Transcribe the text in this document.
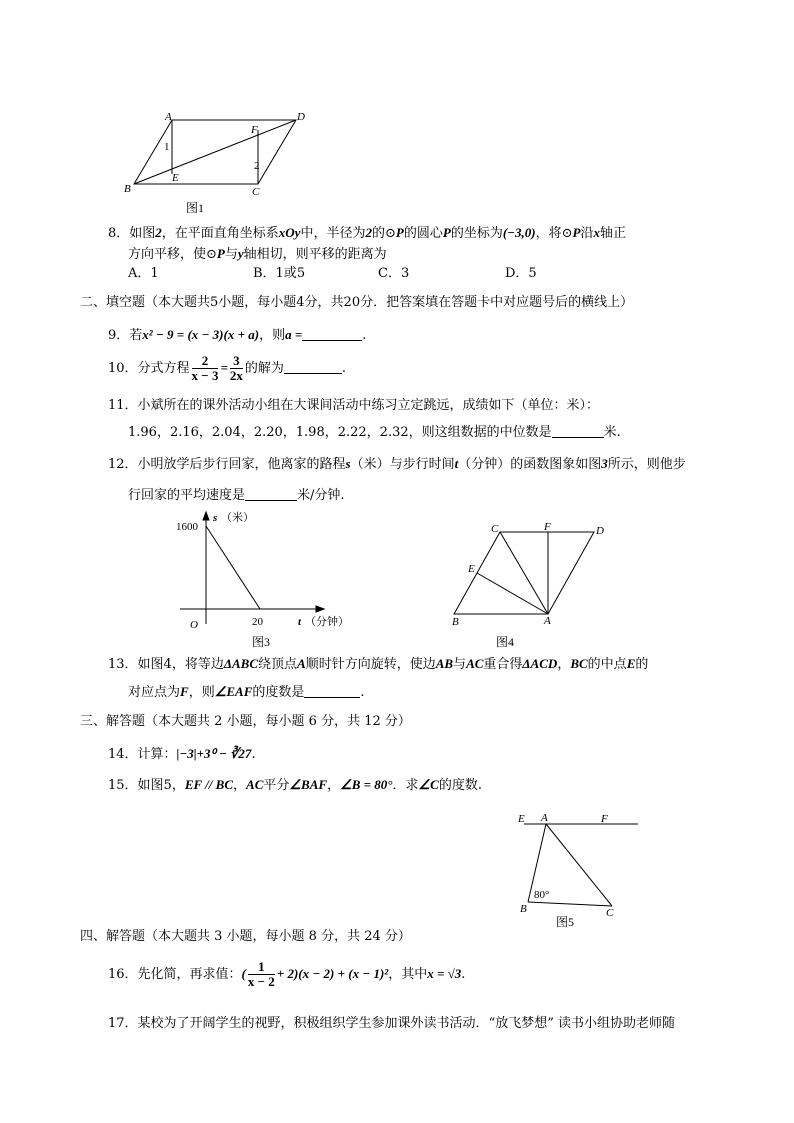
A	D
F
1
2
E
B	C
图1
8．如图2，在平面直角坐标系xOy中，半径为2的⊙P的圆心P的坐标为(−3,0)，将⊙P沿x轴正
方向平移，使⊙P与y轴相切，则平移的距离为
A．1	B．1或5	C．3	D．5
二、填空题（本大题共5小题，每小题4分，共20分．把答案填在答题卡中对应题号后的横线上）
9．若x² − 9 = (x − 3)(x + a)，则a =	.
10．分式方程 $\frac{2}{x - 3} = \frac{3}{2x}$ 的解为	.
11．小斌所在的课外活动小组在大课间活动中练习立定跳远，成绩如下（单位：米）：
1.96，2.16，2.04，2.20，1.98，2.22，2.32，则这组数据的中位数是	米.
12．小明放学后步行回家，他离家的路程s（米）与步行时间t（分钟）的函数图象如图3所示，则他步
行回家的平均速度是	米/分钟.
s （米）
1600
20
O	t （分钟）
图3
C	F	D
E
B	A
图4
13．如图4，将等边ΔABC绕顶点A顺时针方向旋转，使边AB与AC重合得ΔACD，BC的中点E的
对应点为F，则∠EAF的度数是	.
三、解答题（本大题共 2 小题，每小题 6 分，共 12 分）
14．计算：|−3|+3⁰ − ∛27.
15．如图5，EF // BC，AC平分∠BAF，∠B = 80°．求∠C的度数.
E A	F
80°
B	C
图5
四、解答题（本大题共 3 小题，每小题 8 分，共 24 分）
16．先化简，再求值：( $\frac{1}{x - 2} + 2)(x - 2) + (x - 1)^2$，其中x = √3.
17．某校为了开阔学生的视野，积极组织学生参加课外读书活动．“放飞梦想” 读书小组协助老师随
